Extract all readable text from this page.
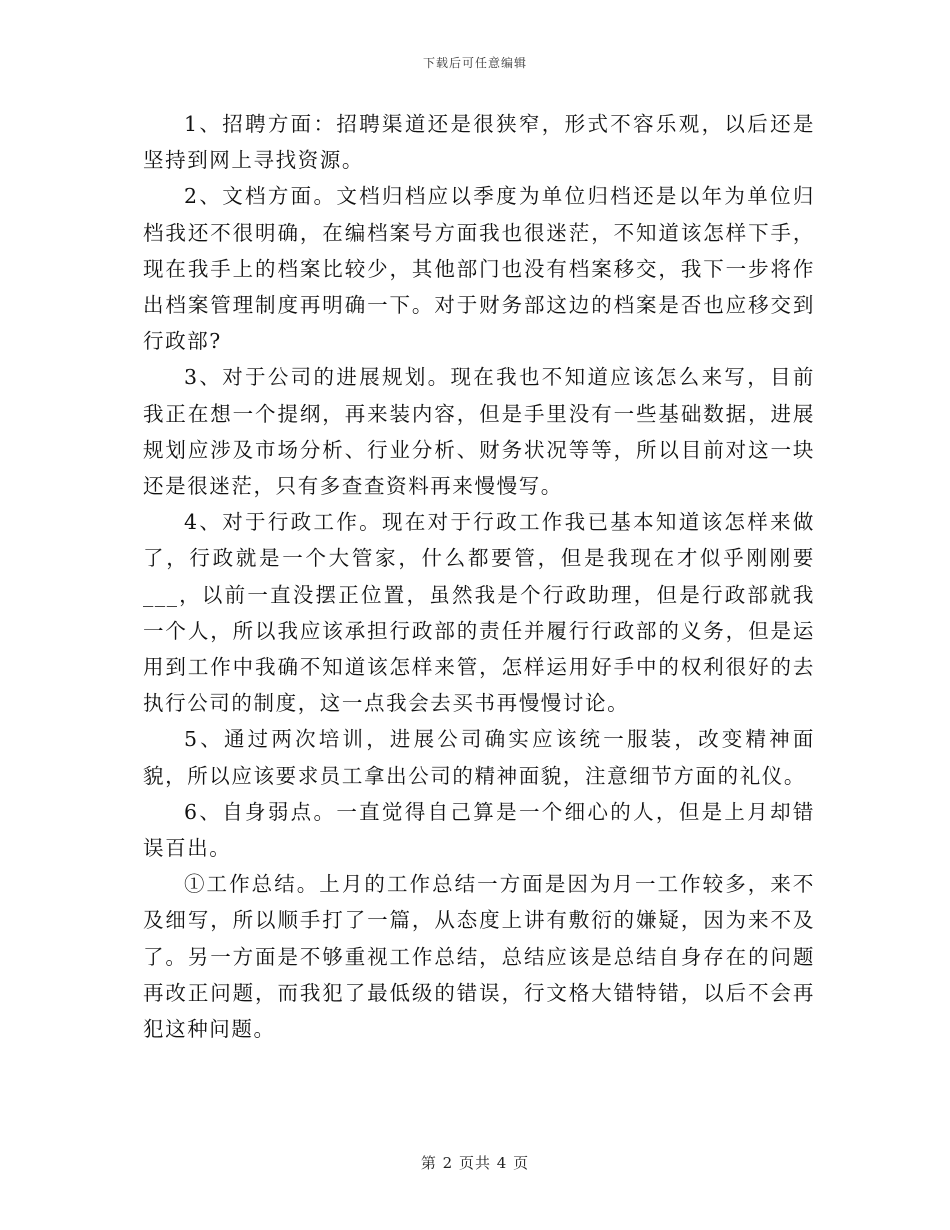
下载后可任意编辑

1、招聘方面：招聘渠道还是很狭窄，形式不容乐观，以后还是坚持到网上寻找资源。

2、文档方面。文档归档应以季度为单位归档还是以年为单位归档我还不很明确，在编档案号方面我也很迷茫，不知道该怎样下手，现在我手上的档案比较少，其他部门也没有档案移交，我下一步将作出档案管理制度再明确一下。对于财务部这边的档案是否也应移交到行政部?

3、对于公司的进展规划。现在我也不知道应该怎么来写，目前我正在想一个提纲，再来装内容，但是手里没有一些基础数据，进展规划应涉及市场分析、行业分析、财务状况等等，所以目前对这一块还是很迷茫，只有多查查资料再来慢慢写。

4、对于行政工作。现在对于行政工作我已基本知道该怎样来做了，行政就是一个大管家，什么都要管，但是我现在才似乎刚刚要___，以前一直没摆正位置，虽然我是个行政助理，但是行政部就我一个人，所以我应该承担行政部的责任并履行行政部的义务，但是运用到工作中我确不知道该怎样来管，怎样运用好手中的权利很好的去执行公司的制度，这一点我会去买书再慢慢讨论。

5、通过两次培训，进展公司确实应该统一服装，改变精神面貌，所以应该要求员工拿出公司的精神面貌，注意细节方面的礼仪。

6、自身弱点。一直觉得自己算是一个细心的人，但是上月却错误百出。

①工作总结。上月的工作总结一方面是因为月一工作较多，来不及细写，所以顺手打了一篇，从态度上讲有敷衍的嫌疑，因为来不及了。另一方面是不够重视工作总结，总结应该是总结自身存在的问题再改正问题，而我犯了最低级的错误，行文格大错特错，以后不会再犯这种问题。

第 2 页共 4 页
